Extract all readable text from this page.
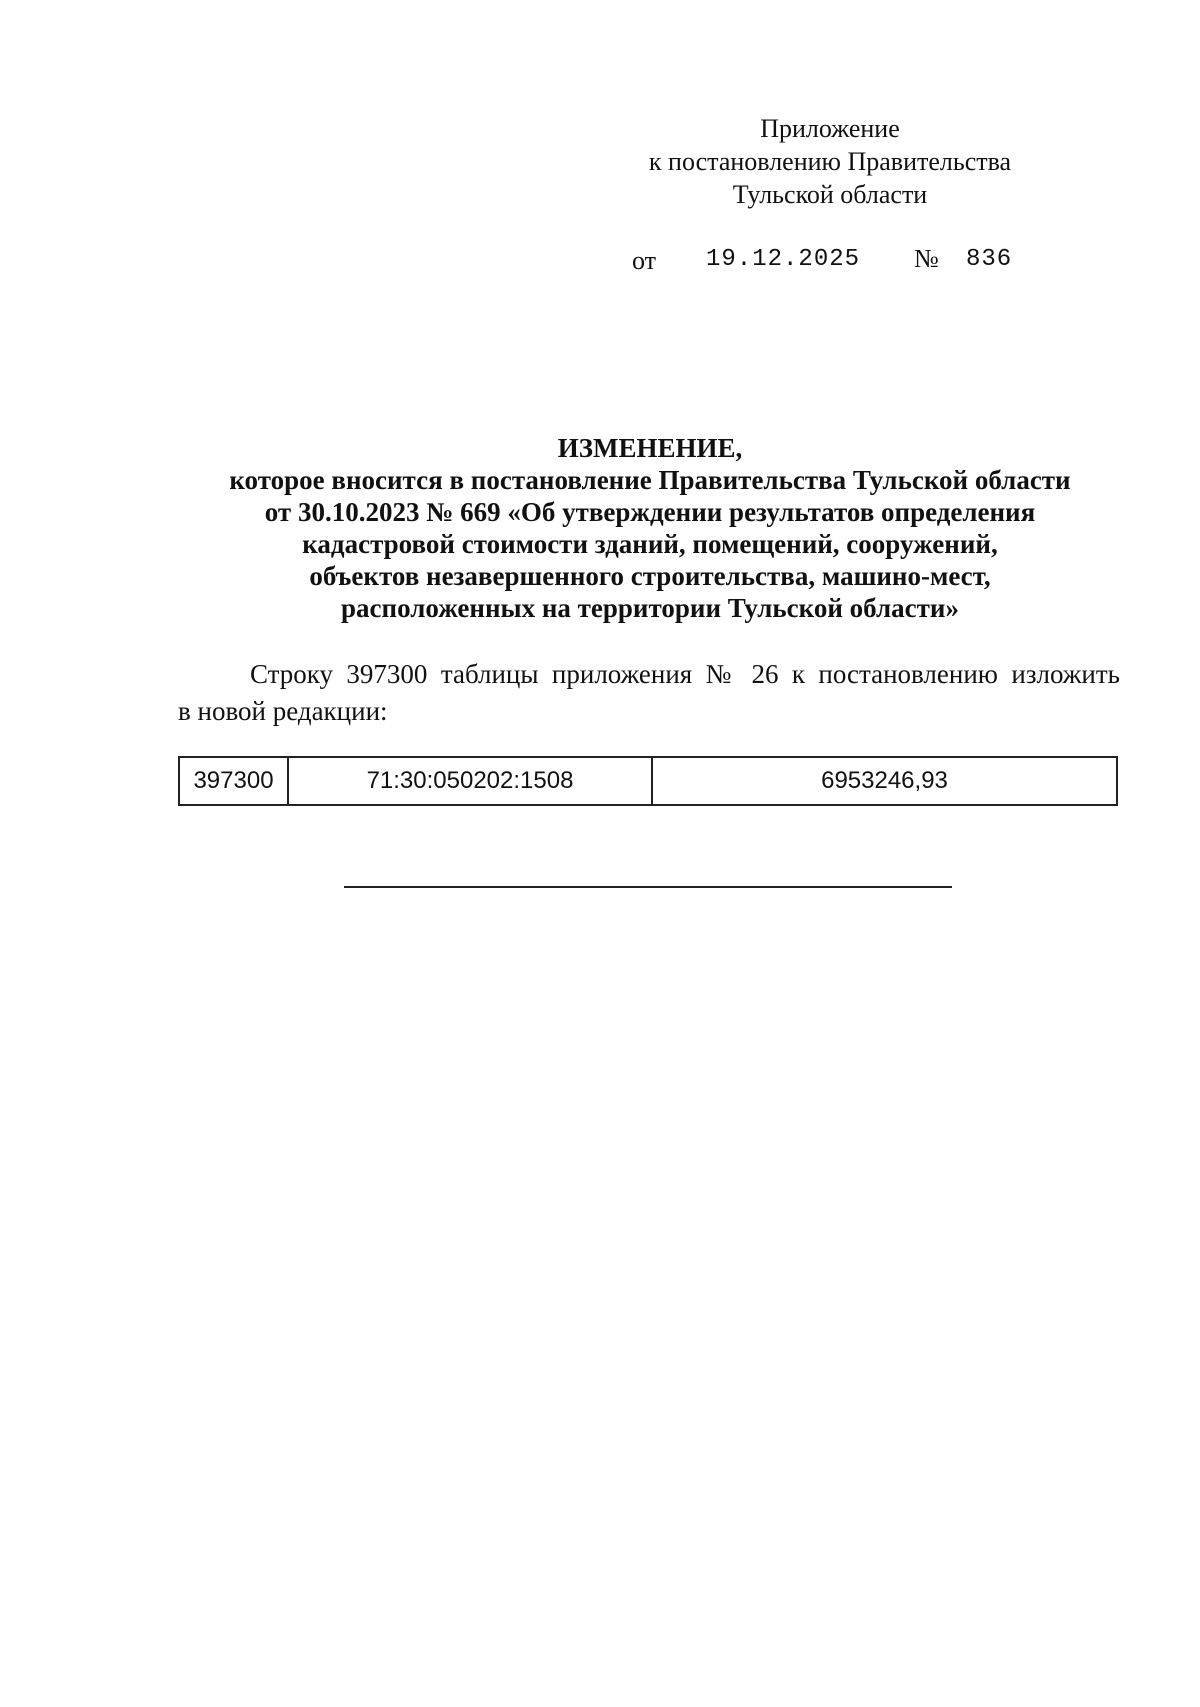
Приложение
к постановлению Правительства
Тульской области
от 19.12.2025 № 836
ИЗМЕНЕНИЕ,
которое вносится в постановление Правительства Тульской области
от 30.10.2023 № 669 «Об утверждении результатов определения
кадастровой стоимости зданий, помещений, сооружений,
объектов незавершенного строительства, машино-мест,
расположенных на территории Тульской области»
Строку 397300 таблицы приложения № 26 к постановлению изложить
в новой редакции:
397300	71:30:050202:1508	6953246,93
